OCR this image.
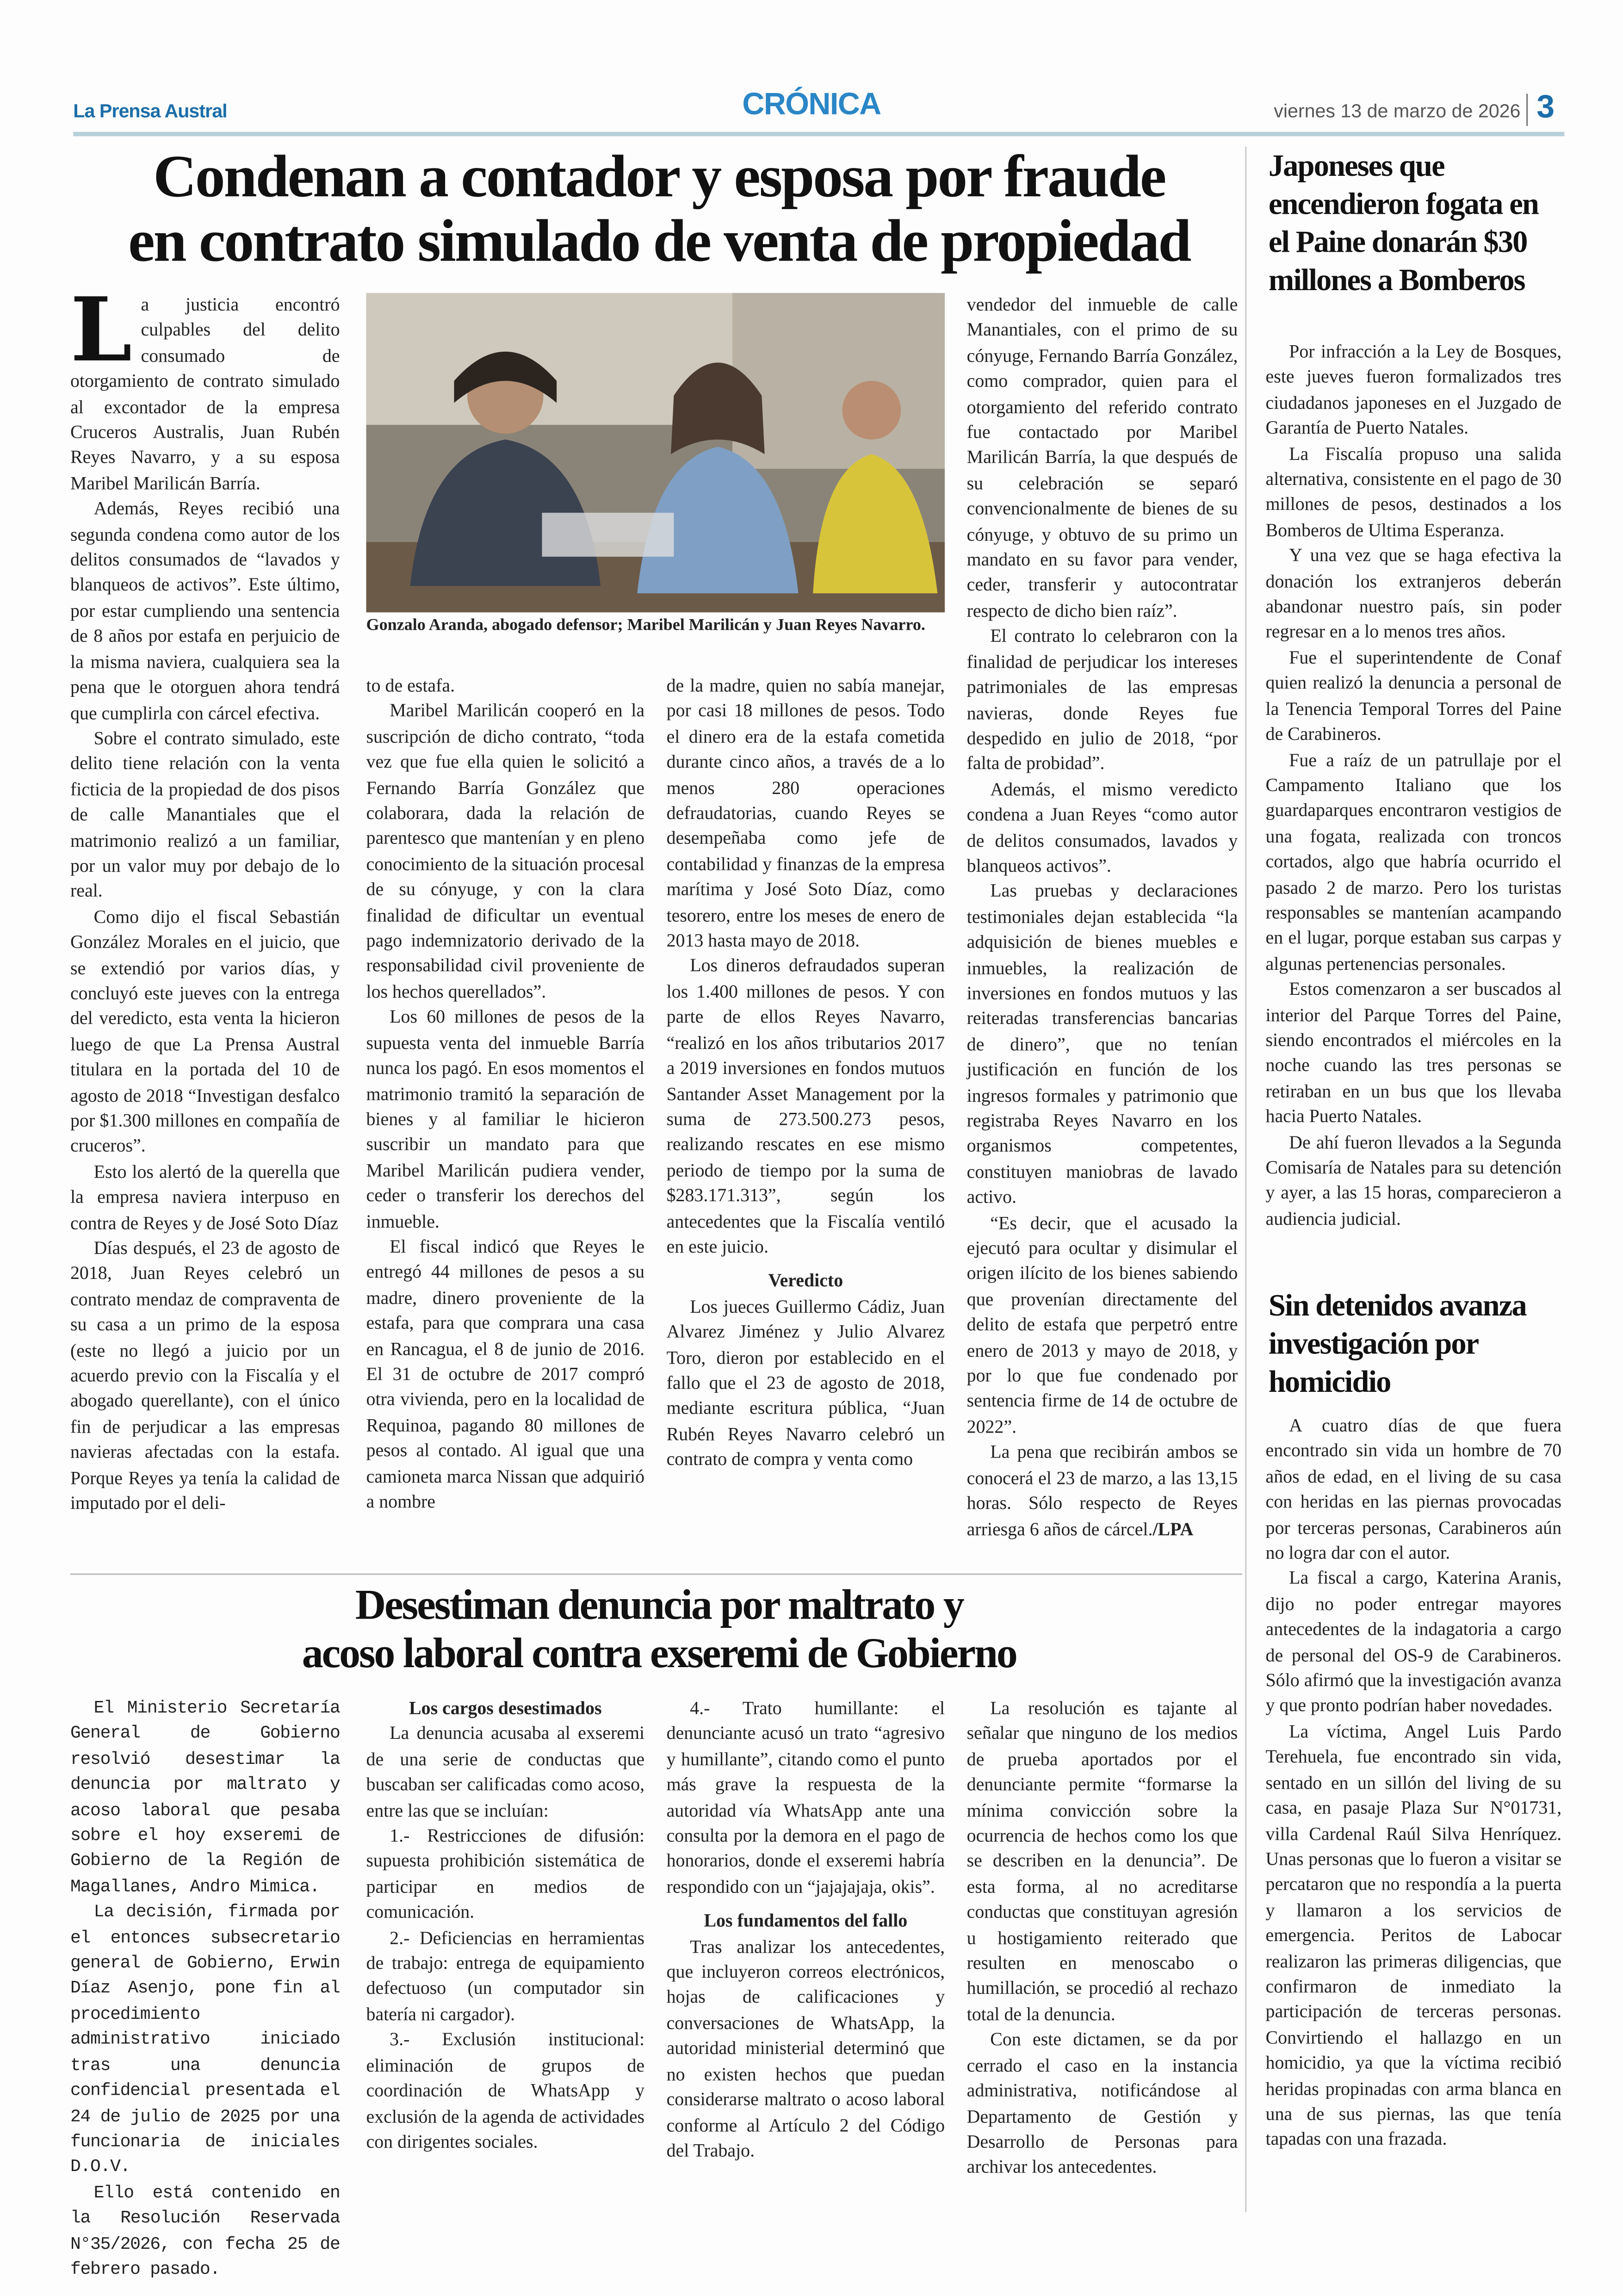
La Prensa Austral	CRÓNICA	viernes 13 de marzo de 2026 3
Condenan a contador y esposa por fraude
en contrato simulado de venta de propiedad

L a justicia encontró culpables del delito consumado de otorgamiento de contrato simulado al excontador de la empresa Cruceros Australis, Juan Rubén Reyes Navarro, y a su esposa Maribel Marilicán Barría.

Además, Reyes recibió una segunda condena como autor de los delitos consumados de “lavados y blanqueos de activos”. Este último, por estar cumpliendo una sentencia de 8 años por estafa en perjuicio de la misma naviera, cualquiera sea la pena que le otorguen ahora tendrá que cumplirla con cárcel efectiva.

Sobre el contrato simulado, este delito tiene relación con la venta ficticia de la propiedad de dos pisos de calle Manantiales que el matrimonio realizó a un familiar, por un valor muy por debajo de lo real.

Como dijo el fiscal Sebastián González Morales en el juicio, que se extendió por varios días, y concluyó este jueves con la entrega del veredicto, esta venta la hicieron luego de que La Prensa Austral titulara en la portada del 10 de agosto de 2018 “Investigan desfalco por $1.300 millones en compañía de cruceros”.

Esto los alertó de la querella que la empresa naviera interpuso en contra de Reyes y de José Soto Díaz

Días después, el 23 de agosto de 2018, Juan Reyes celebró un contrato mendaz de compraventa de su casa a un primo de la esposa (este no llegó a juicio por un acuerdo previo con la Fiscalía y el abogado querellante), con el único fin de perjudicar a las empresas navieras afectadas con la estafa. Porque Reyes ya tenía la calidad de imputado por el deli-

Gonzalo Aranda, abogado defensor; Maribel Marilicán y Juan Reyes Navarro.

to de estafa.

Maribel Marilicán cooperó en la suscripción de dicho contrato, “toda vez que fue ella quien le solicitó a Fernando Barría González que colaborara, dada la relación de parentesco que mantenían y en pleno conocimiento de la situación procesal de su cónyuge, y con la clara finalidad de dificultar un eventual pago indemnizatorio derivado de la responsabilidad civil proveniente de los hechos querellados”.

Los 60 millones de pesos de la supuesta venta del inmueble Barría nunca los pagó. En esos momentos el matrimonio tramitó la separación de bienes y al familiar le hicieron suscribir un mandato para que Maribel Marilicán pudiera vender, ceder o transferir los derechos del inmueble.

El fiscal indicó que Reyes le entregó 44 millones de pesos a su madre, dinero proveniente de la estafa, para que comprara una casa en Rancagua, el 8 de junio de 2016. El 31 de octubre de 2017 compró otra vivienda, pero en la localidad de Requinoa, pagando 80 millones de pesos al contado. Al igual que una camioneta marca Nissan que adquirió a nombre

de la madre, quien no sabía manejar, por casi 18 millones de pesos. Todo el dinero era de la estafa cometida durante cinco años, a través de a lo menos 280 operaciones defraudatorias, cuando Reyes se desempeñaba como jefe de contabilidad y finanzas de la empresa marítima y José Soto Díaz, como tesorero, entre los meses de enero de 2013 hasta mayo de 2018.

Los dineros defraudados superan los 1.400 millones de pesos. Y con parte de ellos Reyes Navarro, “realizó en los años tributarios 2017 a 2019 inversiones en fondos mutuos Santander Asset Management por la suma de 273.500.273 pesos, realizando rescates en ese mismo periodo de tiempo por la suma de $283.171.313”, según los antecedentes que la Fiscalía ventiló en este juicio.

Veredicto

Los jueces Guillermo Cádiz, Juan Alvarez Jiménez y Julio Alvarez Toro, dieron por establecido en el fallo que el 23 de agosto de 2018, mediante escritura pública, “Juan Rubén Reyes Navarro celebró un contrato de compra y venta como

vendedor del inmueble de calle Manantiales, con el primo de su cónyuge, Fernando Barría González, como comprador, quien para el otorgamiento del referido contrato fue contactado por Maribel Marilicán Barría, la que después de su celebración se separó convencionalmente de bienes de su cónyuge, y obtuvo de su primo un mandato en su favor para vender, ceder, transferir y autocontratar respecto de dicho bien raíz”.

El contrato lo celebraron con la finalidad de perjudicar los intereses patrimoniales de las empresas navieras, donde Reyes fue despedido en julio de 2018, “por falta de probidad”.

Además, el mismo veredicto condena a Juan Reyes “como autor de delitos consumados, lavados y blanqueos activos”.

Las pruebas y declaraciones testimoniales dejan establecida “la adquisición de bienes muebles e inmuebles, la realización de inversiones en fondos mutuos y las reiteradas transferencias bancarias de dinero”, que no tenían justificación en función de los ingresos formales y patrimonio que registraba Reyes Navarro en los organismos competentes, constituyen maniobras de lavado activo.

“Es decir, que el acusado la ejecutó para ocultar y disimular el origen ilícito de los bienes sabiendo que provenían directamente del delito de estafa que perpetró entre enero de 2013 y mayo de 2018, y por lo que fue condenado por sentencia firme de 14 de octubre de 2022”.

La pena que recibirán ambos se conocerá el 23 de marzo, a las 13,15 horas. Sólo respecto de Reyes arriesga 6 años de cárcel./LPA

Japoneses que encendieron fogata en el Paine donarán $30 millones a Bomberos

Por infracción a la Ley de Bosques, este jueves fueron formalizados tres ciudadanos japoneses en el Juzgado de Garantía de Puerto Natales.

La Fiscalía propuso una salida alternativa, consistente en el pago de 30 millones de pesos, destinados a los Bomberos de Ultima Esperanza.

Y una vez que se haga efectiva la donación los extranjeros deberán abandonar nuestro país, sin poder regresar en a lo menos tres años.

Fue el superintendente de Conaf quien realizó la denuncia a personal de la Tenencia Temporal Torres del Paine de Carabineros.

Fue a raíz de un patrullaje por el Campamento Italiano que los guardaparques encontraron vestigios de una fogata, realizada con troncos cortados, algo que habría ocurrido el pasado 2 de marzo. Pero los turistas responsables se mantenían acampando en el lugar, porque estaban sus carpas y algunas pertenencias personales.

Estos comenzaron a ser buscados al interior del Parque Torres del Paine, siendo encontrados el miércoles en la noche cuando las tres personas se retiraban en un bus que los llevaba hacia Puerto Natales.

De ahí fueron llevados a la Segunda Comisaría de Natales para su detención y ayer, a las 15 horas, comparecieron a audiencia judicial.

Sin detenidos avanza investigación por homicidio

A cuatro días de que fuera encontrado sin vida un hombre de 70 años de edad, en el living de su casa con heridas en las piernas provocadas por terceras personas, Carabineros aún no logra dar con el autor.

La fiscal a cargo, Katerina Aranis, dijo no poder entregar mayores antecedentes de la indagatoria a cargo de personal del OS-9 de Carabineros. Sólo afirmó que la investigación avanza y que pronto podrían haber novedades.

La víctima, Angel Luis Pardo Terehuela, fue encontrado sin vida, sentado en un sillón del living de su casa, en pasaje Plaza Sur N°01731, villa Cardenal Raúl Silva Henríquez. Unas personas que lo fueron a visitar se percataron que no respondía a la puerta y llamaron a los servicios de emergencia. Peritos de Labocar realizaron las primeras diligencias, que confirmaron de inmediato la participación de terceras personas. Convirtiendo el hallazgo en un homicidio, ya que la víctima recibió heridas propinadas con arma blanca en una de sus piernas, las que tenía tapadas con una frazada.

Desestiman denuncia por maltrato y
acoso laboral contra exseremi de Gobierno

El Ministerio Secretaría General de Gobierno resolvió desestimar la denuncia por maltrato y acoso laboral que pesaba sobre el hoy exseremi de Gobierno de la Región de Magallanes, Andro Mimica.

La decisión, firmada por el entonces subsecretario general de Gobierno, Erwin Díaz Asenjo, pone fin al procedimiento administrativo iniciado tras una denuncia confidencial presentada el 24 de julio de 2025 por una funcionaria de iniciales D.O.V.

Ello está contenido en la Resolución Reservada N°35/2026, con fecha 25 de febrero pasado.

Los cargos desestimados

La denuncia acusaba al exseremi de una serie de conductas que buscaban ser calificadas como acoso, entre las que se incluían:

1.- Restricciones de difusión: supuesta prohibición sistemática de participar en medios de comunicación.

2.- Deficiencias en herramientas de trabajo: entrega de equipamiento defectuoso (un computador sin batería ni cargador).

3.- Exclusión institucional: eliminación de grupos de coordinación de WhatsApp y exclusión de la agenda de actividades con dirigentes sociales.

4.- Trato humillante: el denunciante acusó un trato “agresivo y humillante”, citando como el punto más grave la respuesta de la autoridad vía WhatsApp ante una consulta por la demora en el pago de honorarios, donde el exseremi habría respondido con un “jajajajaja, okis”.

Los fundamentos del fallo

Tras analizar los antecedentes, que incluyeron correos electrónicos, hojas de calificaciones y conversaciones de WhatsApp, la autoridad ministerial determinó que no existen hechos que puedan considerarse maltrato o acoso laboral conforme al Artículo 2 del Código del Trabajo.

La resolución es tajante al señalar que ninguno de los medios de prueba aportados por el denunciante permite “formarse la mínima convicción sobre la ocurrencia de hechos como los que se describen en la denuncia”. De esta forma, al no acreditarse conductas que constituyan agresión u hostigamiento reiterado que resulten en menoscabo o humillación, se procedió al rechazo total de la denuncia.

Con este dictamen, se da por cerrado el caso en la instancia administrativa, notificándose al Departamento de Gestión y Desarrollo de Personas para archivar los antecedentes.
